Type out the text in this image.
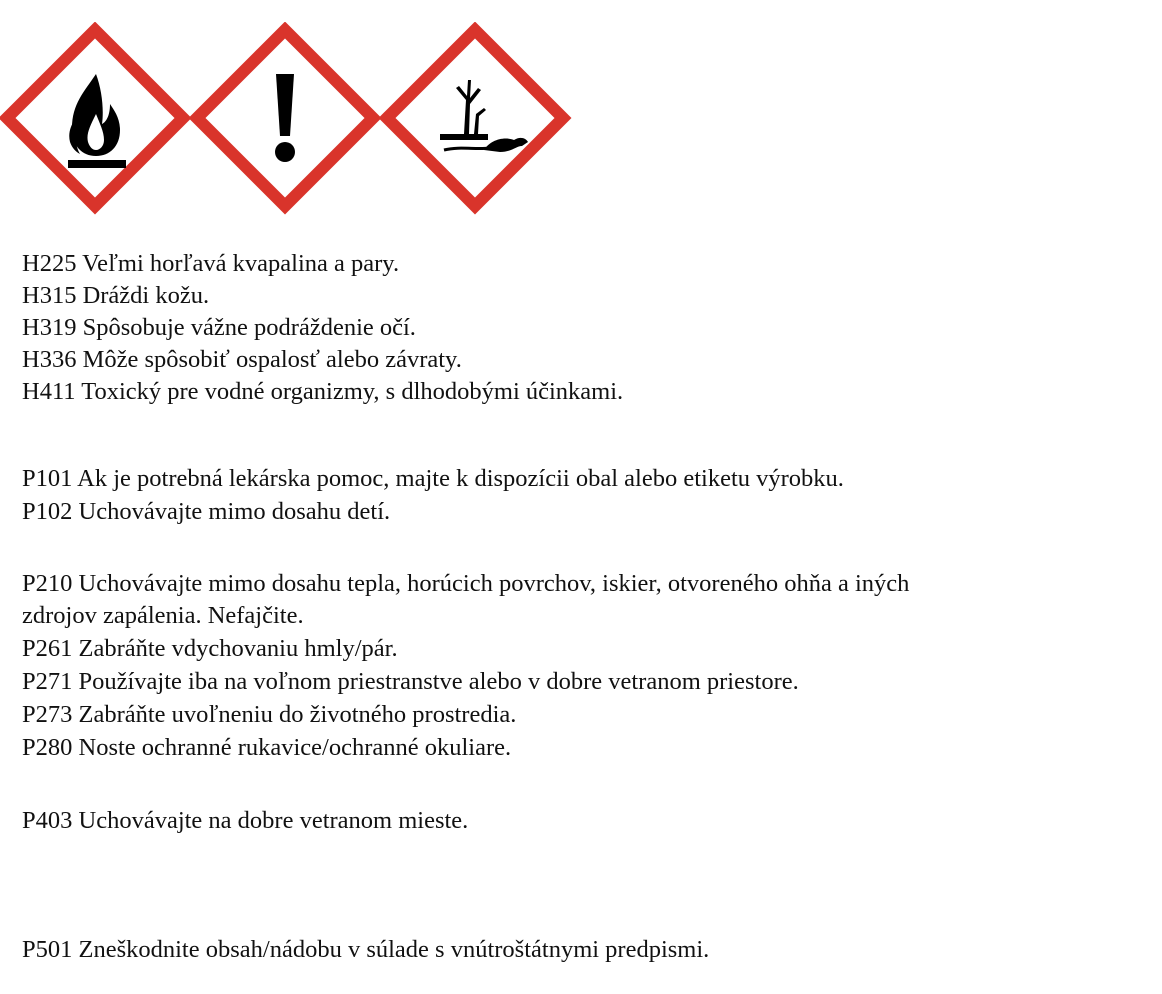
H225 Veľmi horľavá kvapalina a pary.
H315 Dráždi kožu.
H319 Spôsobuje vážne podráždenie očí.
H336 Môže spôsobiť ospalosť alebo závraty.
H411 Toxický pre vodné organizmy, s dlhodobými účinkami.
P101 Ak je potrebná lekárska pomoc, majte k dispozícii obal alebo etiketu výrobku.
P102 Uchovávajte mimo dosahu detí.
P210 Uchovávajte mimo dosahu tepla, horúcich povrchov, iskier, otvoreného ohňa a iných
zdrojov zapálenia. Nefajčite.
P261 Zabráňte vdychovaniu hmly/pár.
P271 Používajte iba na voľnom priestranstve alebo v dobre vetranom priestore.
P273 Zabráňte uvoľneniu do životného prostredia.
P280 Noste ochranné rukavice/ochranné okuliare.
P403 Uchovávajte na dobre vetranom mieste.
P501 Zneškodnite obsah/nádobu v súlade s vnútroštátnymi predpismi.
